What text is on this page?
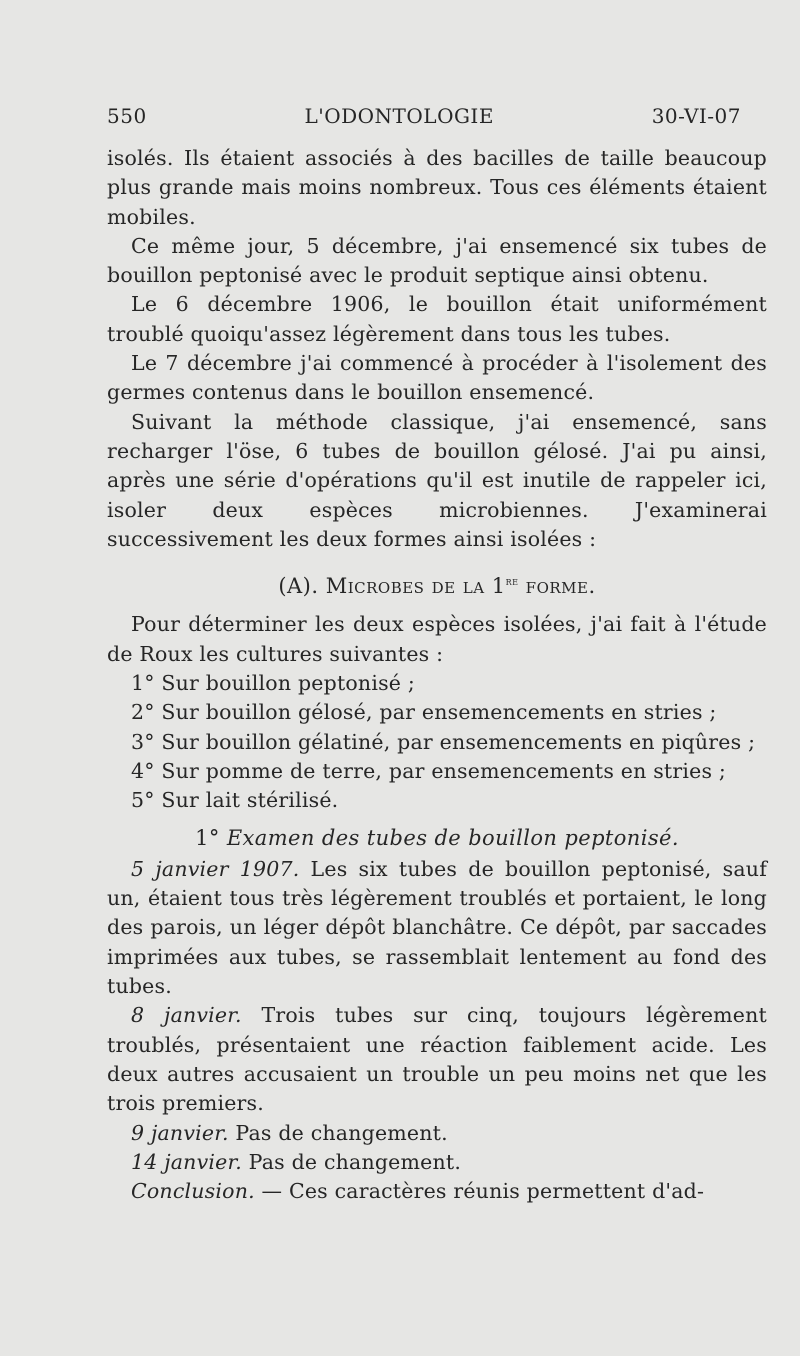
550	L'ODONTOLOGIE	30-VI-07

isolés. Ils étaient associés à des bacilles de taille beaucoup plus grande mais moins nombreux. Tous ces éléments étaient mobiles.

Ce même jour, 5 décembre, j'ai ensemencé six tubes de bouillon peptonisé avec le produit septique ainsi obtenu.

Le 6 décembre 1906, le bouillon était uniformément troublé quoiqu'assez légèrement dans tous les tubes.

Le 7 décembre j'ai commencé à procéder à l'isolement des germes contenus dans le bouillon ensemencé.

Suivant la méthode classique, j'ai ensemencé, sans recharger l'öse, 6 tubes de bouillon gélosé. J'ai pu ainsi, après une série d'opérations qu'il est inutile de rappeler ici, isoler deux espèces microbiennes. J'examinerai successivement les deux formes ainsi isolées :

(A). Microbes de la 1re forme.

Pour déterminer les deux espèces isolées, j'ai fait à l'étude de Roux les cultures suivantes :

1° Sur bouillon peptonisé ;

2° Sur bouillon gélosé, par ensemencements en stries ;

3° Sur bouillon gélatiné, par ensemencements en piqûres ;

4° Sur pomme de terre, par ensemencements en stries ;

5° Sur lait stérilisé.

1° Examen des tubes de bouillon peptonisé.

5 janvier 1907. Les six tubes de bouillon peptonisé, sauf un, étaient tous très légèrement troublés et portaient, le long des parois, un léger dépôt blanchâtre. Ce dépôt, par saccades imprimées aux tubes, se rassemblait lentement au fond des tubes.

8 janvier. Trois tubes sur cinq, toujours légèrement troublés, présentaient une réaction faiblement acide. Les deux autres accusaient un trouble un peu moins net que les trois premiers.

9 janvier. Pas de changement.

14 janvier. Pas de changement.

Conclusion. — Ces caractères réunis permettent d'ad-
